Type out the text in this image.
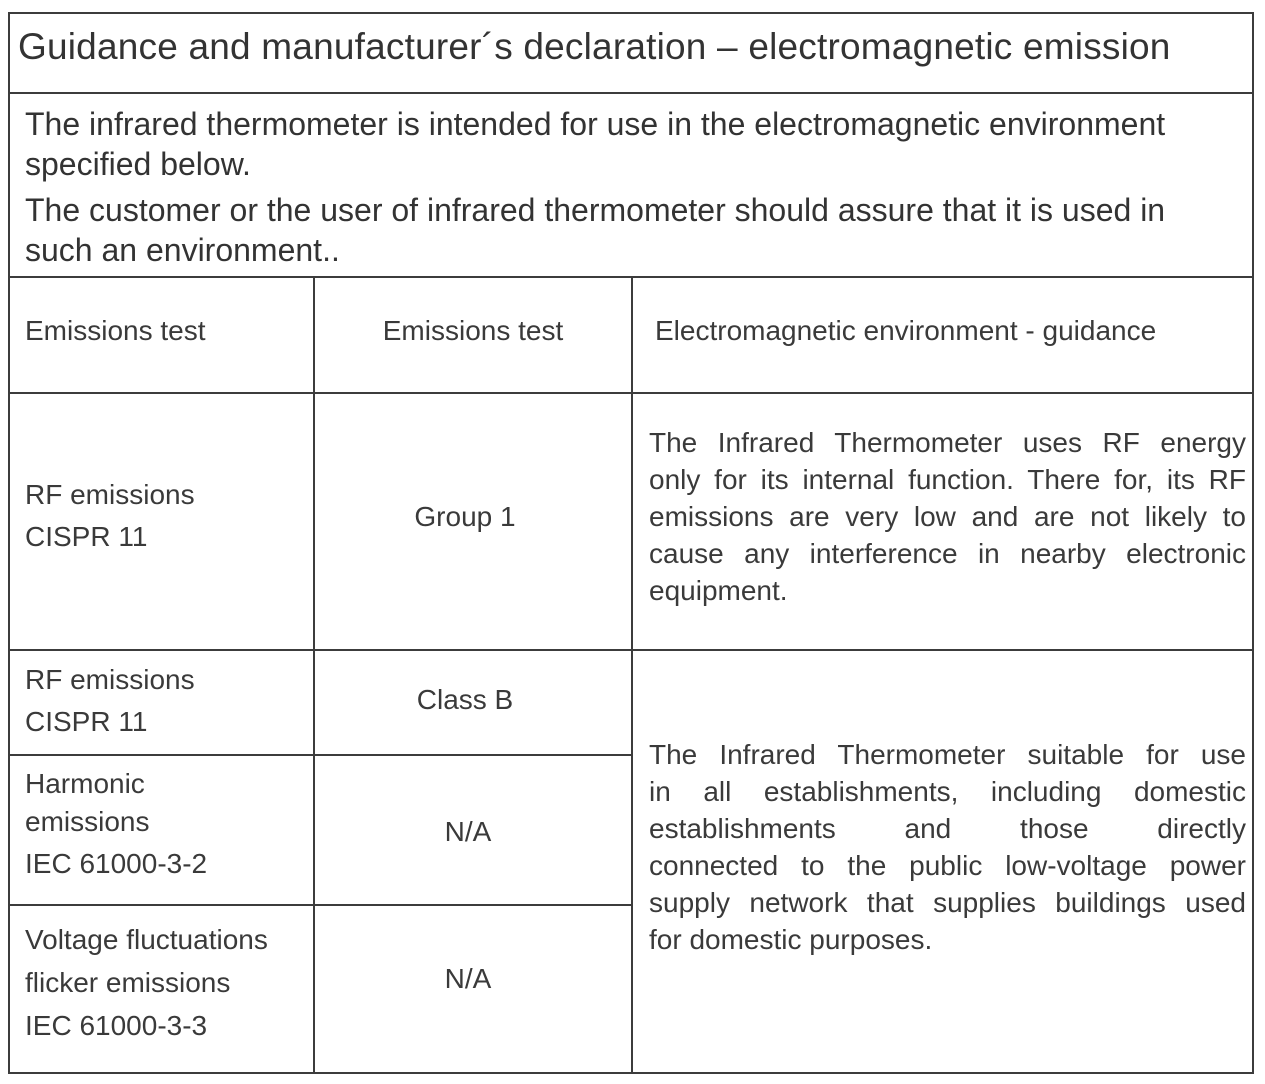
Guidance and manufacturer´s declaration – electromagnetic emission

The infrared thermometer is intended for use in the electromagnetic environment specified below.

The customer or the user of infrared thermometer should assure that it is used in such an environment..

Emissions test	Emissions test	Electromagnetic environment - guidance
RF emissions
CISPR 11
Group 1
The Infrared Thermometer uses RF energy
only for its internal function. There for, its RF
emissions are very low and are not likely to
cause any interference in nearby electronic
equipment.
RF emissions
CISPR 11
Class B
The Infrared Thermometer suitable for use
in all establishments, including domestic
establishments and those directly
connected to the public low-voltage power
supply network that supplies buildings used
for domestic purposes.
Harmonic
emissions
IEC 61000-3-2
N/A
Voltage fluctuations
flicker emissions
IEC 61000-3-3
N/A
